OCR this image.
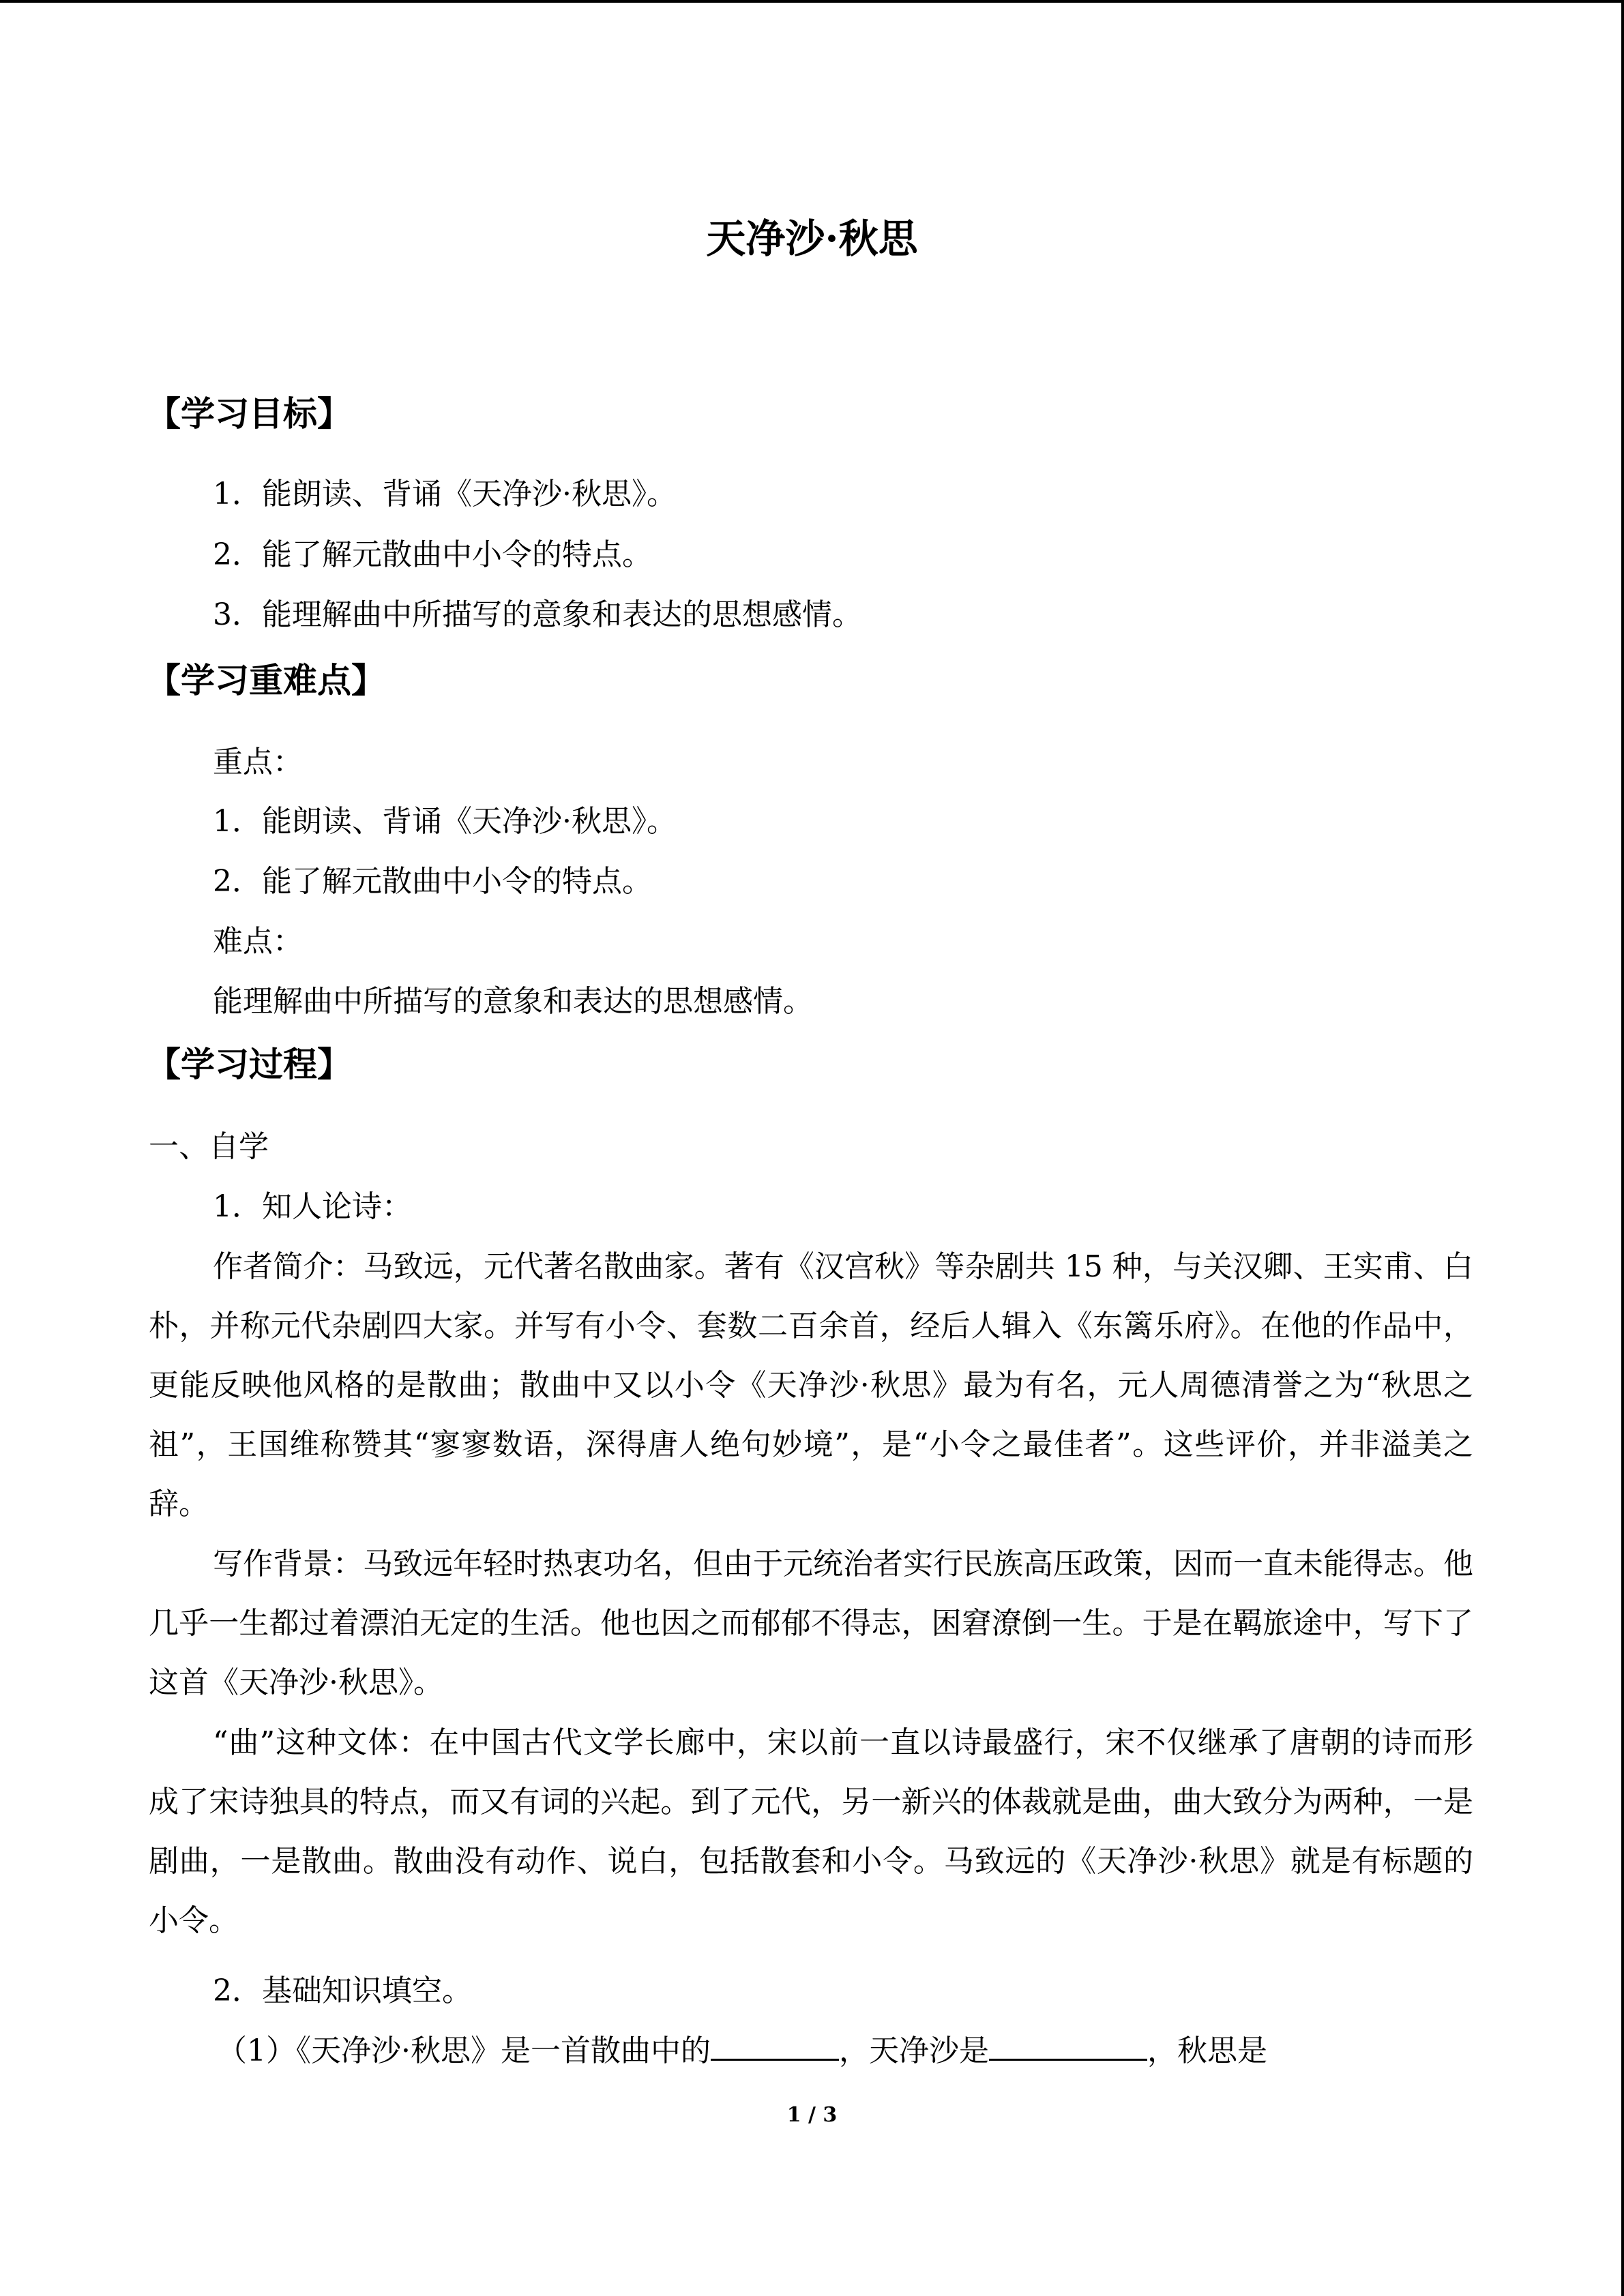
天净沙·秋思
【学习目标】
1．能朗读、背诵《天净沙·秋思》。
2．能了解元散曲中小令的特点。
3．能理解曲中所描写的意象和表达的思想感情。
【学习重难点】
重点：
1．能朗读、背诵《天净沙·秋思》。
2．能了解元散曲中小令的特点。
难点：
能理解曲中所描写的意象和表达的思想感情。
【学习过程】
一、自学
1．知人论诗：
作者简介：马致远，元代著名散曲家。著有《汉宫秋》等杂剧共 15 种，与关汉卿、王实甫、白朴，并称元代杂剧四大家。并写有小令、套数二百余首，经后人辑入《东篱乐府》。在他的作品中，更能反映他风格的是散曲；散曲中又以小令《天净沙·秋思》最为有名，元人周德清誉之为“秋思之祖”，王国维称赞其“寥寥数语，深得唐人绝句妙境”，是“小令之最佳者”。这些评价，并非溢美之辞。
写作背景：马致远年轻时热衷功名，但由于元统治者实行民族高压政策，因而一直未能得志。他几乎一生都过着漂泊无定的生活。他也因之而郁郁不得志，困窘潦倒一生。于是在羁旅途中，写下了这首《天净沙·秋思》。
“曲”这种文体：在中国古代文学长廊中，宋以前一直以诗最盛行，宋不仅继承了唐朝的诗而形成了宋诗独具的特点，而又有词的兴起。到了元代，另一新兴的体裁就是曲，曲大致分为两种，一是剧曲，一是散曲。散曲没有动作、说白，包括散套和小令。马致远的《天净沙·秋思》就是有标题的小令。
2．基础知识填空。
（1）《天净沙·秋思》是一首散曲中的	，天净沙是	，秋思是
1 / 3
